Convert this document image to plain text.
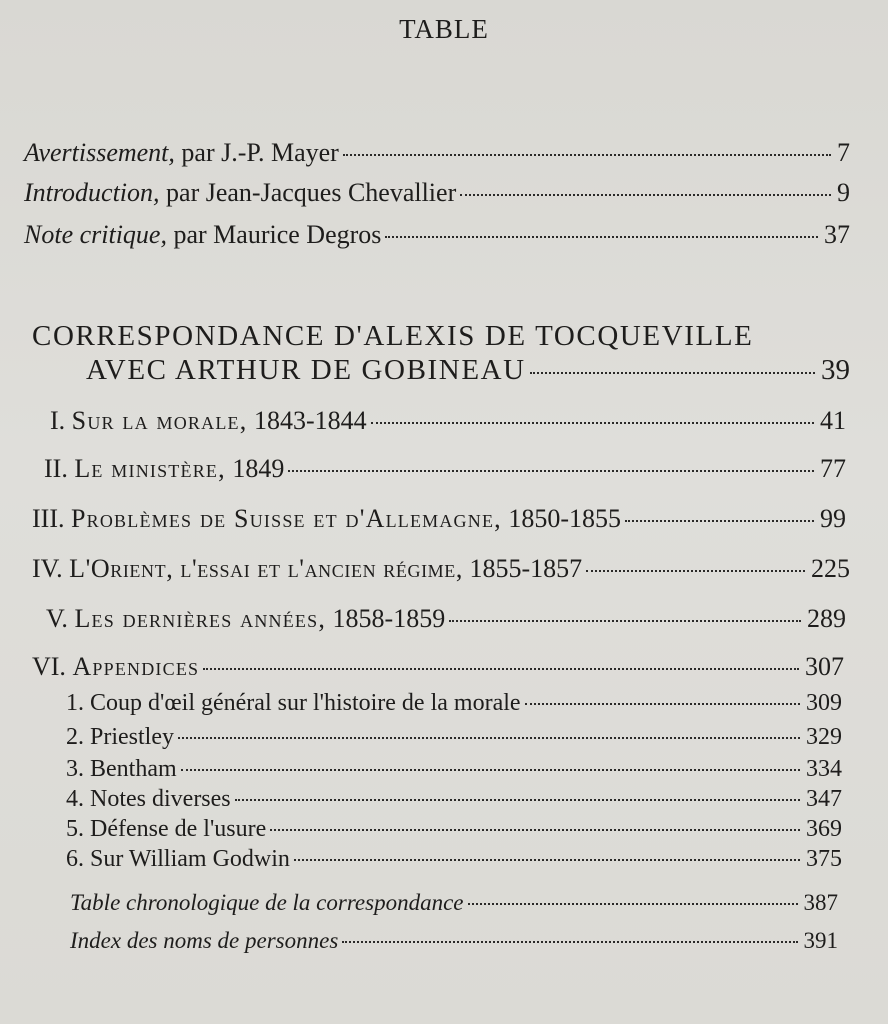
TABLE
Avertissement, par J.-P. Mayer	7
Introduction, par Jean-Jacques Chevallier	9
Note critique, par Maurice Degros	37
CORRESPONDANCE D'ALEXIS DE TOCQUEVILLE
AVEC ARTHUR DE GOBINEAU	39
I. Sur la morale, 1843-1844	41
II. Le ministère, 1849	77
III. Problèmes de Suisse et d'Allemagne, 1850-1855	99
IV. L'Orient, l'essai et l'ancien régime, 1855-1857	225
V. Les dernières années, 1858-1859	289
VI. Appendices	307
1. Coup d'œil général sur l'histoire de la morale	309
2. Priestley	329
3. Bentham	334
4. Notes diverses	347
5. Défense de l'usure	369
6. Sur William Godwin	375
Table chronologique de la correspondance	387
Index des noms de personnes	391
